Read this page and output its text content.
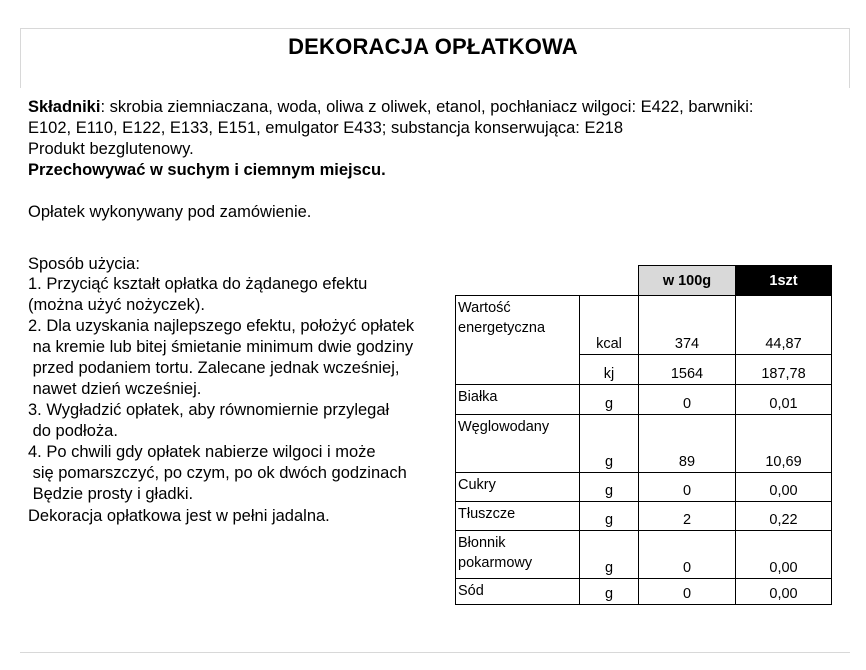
DEKORACJA OPŁATKOWA
Składniki: skrobia ziemniaczana, woda, oliwa z oliwek, etanol, pochłaniacz wilgoci: E422, barwniki:
E102, E110, E122, E133, E151, emulgator E433; substancja konserwująca: E218
Produkt bezglutenowy.
Przechowywać w suchym i ciemnym miejscu.
Opłatek wykonywany pod zamówienie.
Sposób użycia:
1. Przyciąć kształt opłatka do żądanego efektu
(można użyć nożyczek).
2. Dla uzyskania najlepszego efektu, położyć opłatek
na kremie lub bitej śmietanie minimum dwie godziny
przed podaniem tortu. Zalecane jednak wcześniej,
nawet dzień wcześniej.
3. Wygładzić opłatek, aby równomiernie przylegał
do podłoża.
4. Po chwili gdy opłatek nabierze wilgoci i może
się pomarszczyć, po czym, po ok dwóch godzinach
Będzie prosty i gładki.
Dekoracja opłatkowa jest w pełni jadalna.
		w 100g	1szt

Wartość
energetyczna	kcal	374	44,87
	kj	1564	187,78
Białka	g	0	0,01
Węglowodany	g	89	10,69
Cukry	g	0	0,00
Tłuszcze	g	2	0,22
Błonnik pokarmowy	g	0	0,00
Sód	g	0	0,00
